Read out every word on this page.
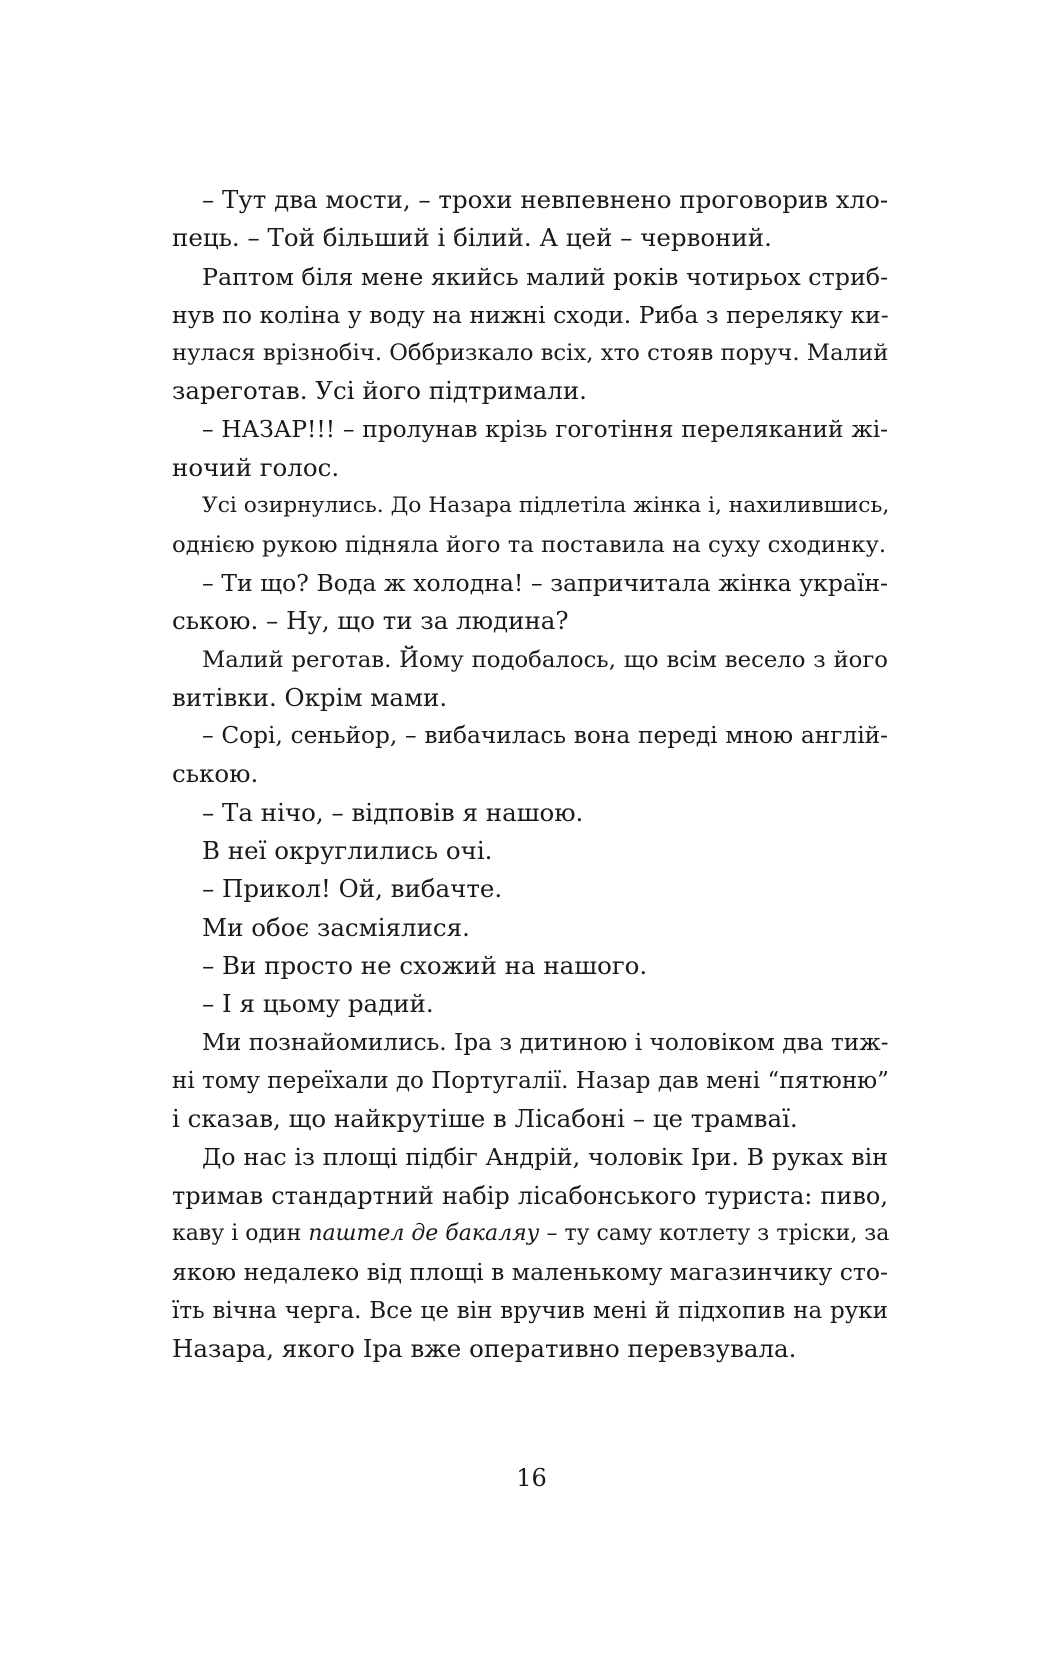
– Тут два мости, – трохи невпевнено проговорив хло-
пець. – Той більший і білий. А цей – червоний.
Раптом біля мене якийсь малий років чотирьох стриб-
нув по коліна у воду на нижні сходи. Риба з переляку ки-
нулася врізнобіч. Оббризкало всіх, хто стояв поруч. Малий
зареготав. Усі його підтримали.
– НАЗАР!!! – пролунав крізь гоготіння переляканий жі-
ночий голос.
Усі озирнулись. До Назара підлетіла жінка і, нахилившись,
однією рукою підняла його та поставила на суху сходинку.
– Ти що? Вода ж холодна! – запричитала жінка україн-
ською. – Ну, що ти за людина?
Малий реготав. Йому подобалось, що всім весело з його
витівки. Окрім мами.
– Сорі, сеньйор, – вибачилась вона переді мною англій-
ською.
– Та нічо, – відповів я нашою.
В неї округлились очі.
– Прикол! Ой, вибачте.
Ми обоє засміялися.
– Ви просто не схожий на нашого.
– І я цьому радий.
Ми познайомились. Іра з дитиною і чоловіком два тиж-
ні тому переїхали до Португалії. Назар дав мені “пятюню”
і сказав, що найкрутіше в Лісабоні – це трамваї.
До нас із площі підбіг Андрій, чоловік Іри. В руках він
тримав стандартний набір лісабонського туриста: пиво,
каву і один паштел де бакаляу – ту саму котлету з тріски, за
якою недалеко від площі в маленькому магазинчику сто-
їть вічна черга. Все це він вручив мені й підхопив на руки
Назара, якого Іра вже оперативно перевзувала.
16
